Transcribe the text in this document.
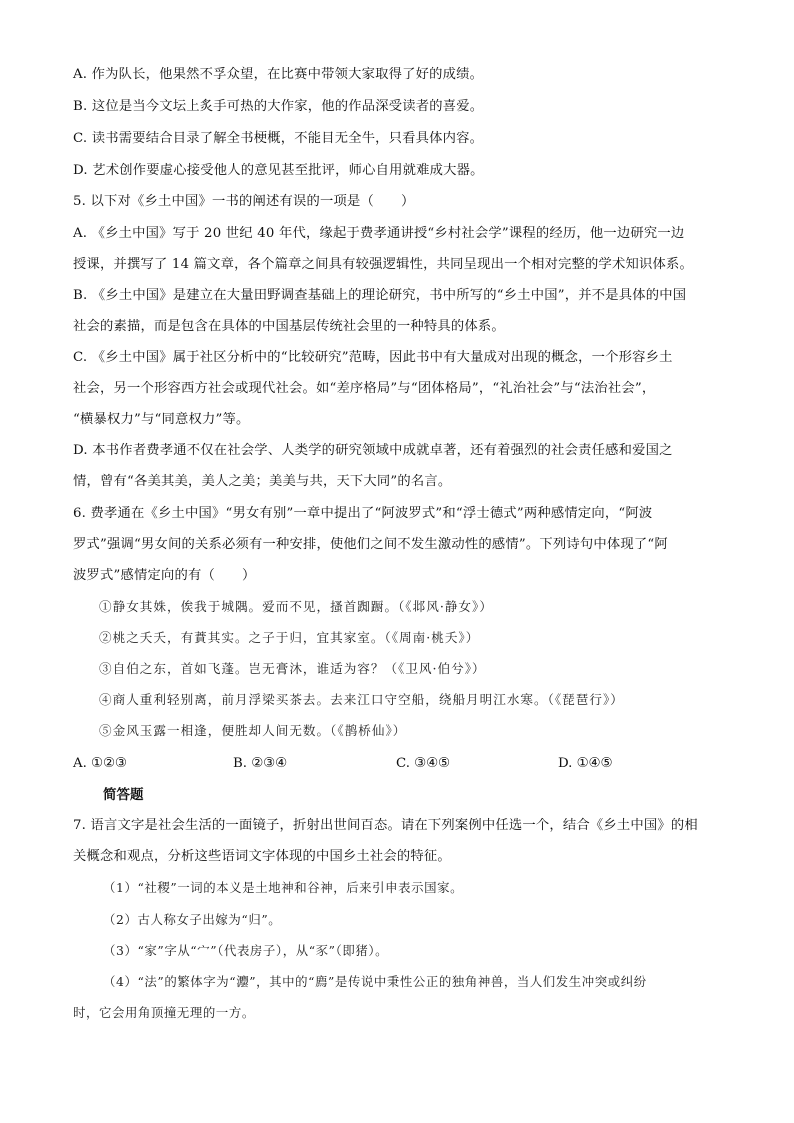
A. 作为队长，他果然不孚众望，在比赛中带领大家取得了好的成绩。
B. 这位是当今文坛上炙手可热的大作家，他的作品深受读者的喜爱。
C. 读书需要结合目录了解全书梗概，不能目无全牛，只看具体内容。
D. 艺术创作要虚心接受他人的意见甚至批评，师心自用就难成大器。
5. 以下对《乡土中国》一书的阐述有误的一项是（　　）
A. 《乡土中国》写于 20 世纪 40 年代，缘起于费孝通讲授“乡村社会学”课程的经历，他一边研究一边
授课，并撰写了 14 篇文章，各个篇章之间具有较强逻辑性，共同呈现出一个相对完整的学术知识体系。
B. 《乡土中国》是建立在大量田野调查基础上的理论研究，书中所写的“乡土中国”，并不是具体的中国
社会的素描，而是包含在具体的中国基层传统社会里的一种特具的体系。
C. 《乡土中国》属于社区分析中的“比较研究”范畴，因此书中有大量成对出现的概念，一个形容乡土
社会，另一个形容西方社会或现代社会。如“差序格局”与“团体格局”，“礼治社会”与“法治社会”，
“横暴权力”与“同意权力”等。
D. 本书作者费孝通不仅在社会学、人类学的研究领域中成就卓著，还有着强烈的社会责任感和爱国之
情，曾有“各美其美，美人之美；美美与共，天下大同”的名言。
6. 费孝通在《乡土中国》“男女有别”一章中提出了“阿波罗式”和“浮士德式”两种感情定向，“阿波
罗式”强调“男女间的关系必须有一种安排，使他们之间不发生激动性的感情”。下列诗句中体现了“阿
波罗式”感情定向的有（　　）
①静女其姝，俟我于城隅。爱而不见，搔首踟蹰。（《邶风·静女》）
②桃之夭夭，有蕡其实。之子于归，宜其家室。（《周南·桃夭》）
③自伯之东，首如飞蓬。岂无膏沐，谁适为容？（《卫风·伯兮》）
④商人重利轻别离，前月浮梁买茶去。去来江口守空船，绕船月明江水寒。（《琵琶行》）
⑤金风玉露一相逢，便胜却人间无数。（《鹊桥仙》）
A. ①②③	B. ②③④	C. ③④⑤	D. ①④⑤
简答题
7. 语言文字是社会生活的一面镜子，折射出世间百态。请在下列案例中任选一个，结合《乡土中国》的相
关概念和观点，分析这些语词文字体现的中国乡土社会的特征。
（1）“社稷”一词的本义是土地神和谷神，后来引申表示国家。
（2）古人称女子出嫁为“归”。
（3）“家”字从“宀”（代表房子），从“豕”（即猪）。
（4）“法”的繁体字为“灋”，其中的“廌”是传说中秉性公正的独角神兽，当人们发生冲突或纠纷
时，它会用角顶撞无理的一方。
